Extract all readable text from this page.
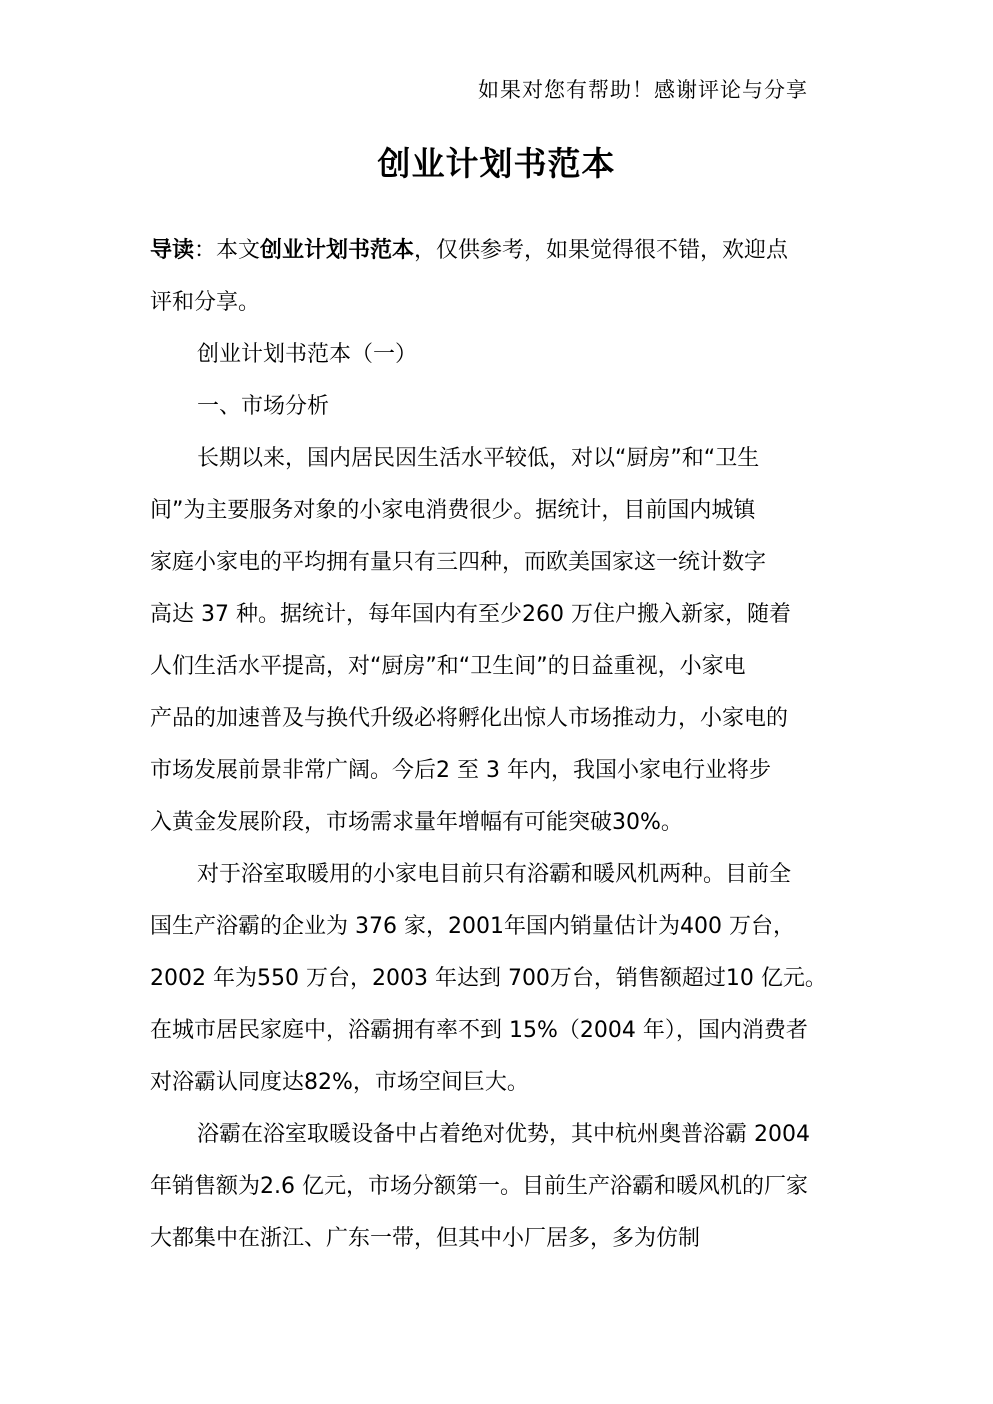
如果对您有帮助！感谢评论与分享
创业计划书范本
导读：本文创业计划书范本，仅供参考，如果觉得很不错，欢迎点
评和分享。
创业计划书范本（一）
一、市场分析
长期以来，国内居民因生活水平较低，对以“厨房”和“卫生
间”为主要服务对象的小家电消费很少。据统计，目前国内城镇
家庭小家电的平均拥有量只有三四种，而欧美国家这一统计数字
高达 37 种。据统计，每年国内有至少260 万住户搬入新家，随着
人们生活水平提高，对“厨房”和“卫生间”的日益重视，小家电
产品的加速普及与换代升级必将孵化出惊人市场推动力，小家电的
市场发展前景非常广阔。今后2 至 3 年内，我国小家电行业将步
入黄金发展阶段，市场需求量年增幅有可能突破30%。
对于浴室取暖用的小家电目前只有浴霸和暖风机两种。目前全
国生产浴霸的企业为 376 家，2001年国内销量估计为400 万台，
2002 年为550 万台，2003 年达到 700万台，销售额超过10 亿元。
在城市居民家庭中，浴霸拥有率不到 15%（2004 年），国内消费者
对浴霸认同度达82%，市场空间巨大。
浴霸在浴室取暖设备中占着绝对优势，其中杭州奥普浴霸 2004
年销售额为2.6 亿元，市场分额第一。目前生产浴霸和暖风机的厂家
大都集中在浙江、广东一带，但其中小厂居多，多为仿制
